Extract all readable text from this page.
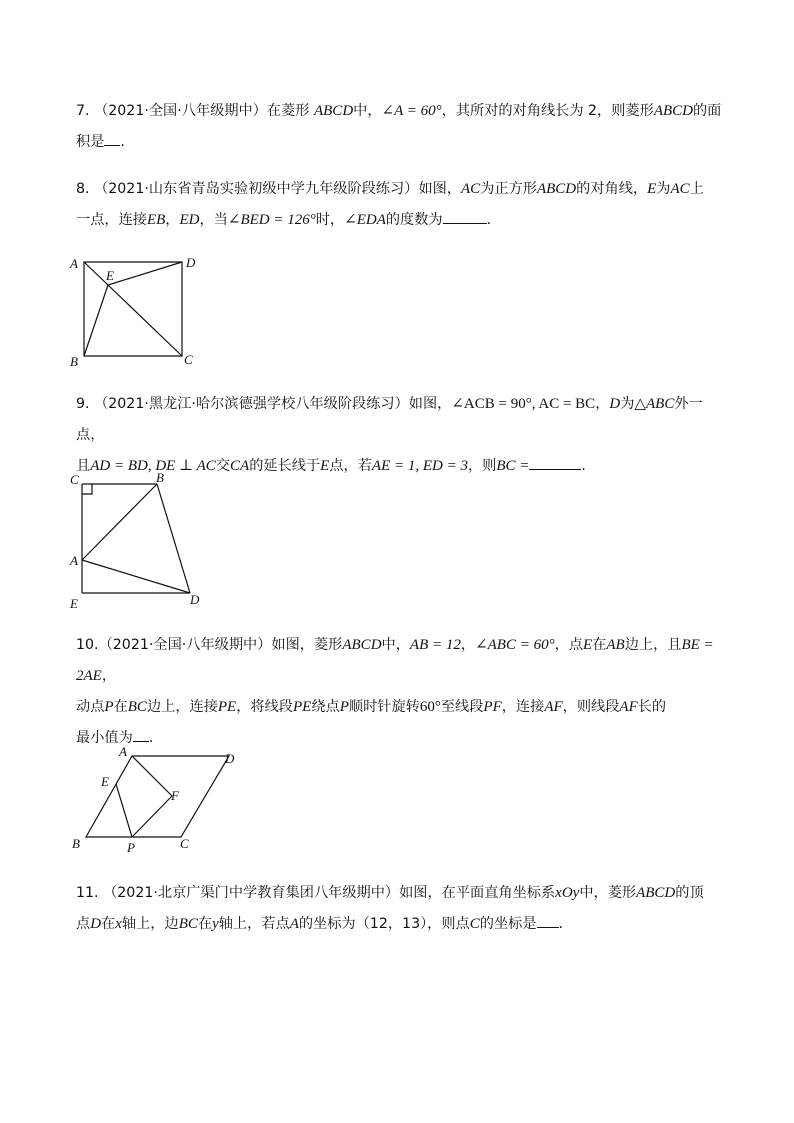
7. （2021·全国·八年级期中）在菱形 ABCD中，∠A = 60°，其所对的对角线长为 2，则菱形ABCD的面
积是 .
8. （2021·山东省青岛实验初级中学九年级阶段练习）如图，AC为正方形ABCD的对角线，E为AC上
一点，连接EB，ED，当∠BED = 126°时，∠EDA的度数为	.
A	D
B	C
E
9. （2021·黑龙江·哈尔滨德强学校八年级阶段练习）如图，∠ACB = 90°, AC = BC，D为△ABC外一点，
且AD = BD, DE ⊥ AC交CA的延长线于E点，若AE = 1, ED = 3，则BC =	.
C	B
A
E	D
10.（2021·全国·八年级期中）如图，菱形ABCD中，AB = 12，∠ABC = 60°，点E在AB边上，且BE = 2AE，
动点P在BC边上，连接PE，将线段PE绕点P顺时针旋转60°至线段PF，连接AF，则线段AF长的
最小值为 .
A	D
B	C
E
F
P
11. （2021·北京广渠门中学教育集团八年级期中）如图，在平面直角坐标系xOy中，菱形ABCD的顶
点D在x轴上，边BC在y轴上，若点A的坐标为（12，13），则点C的坐标是 .
